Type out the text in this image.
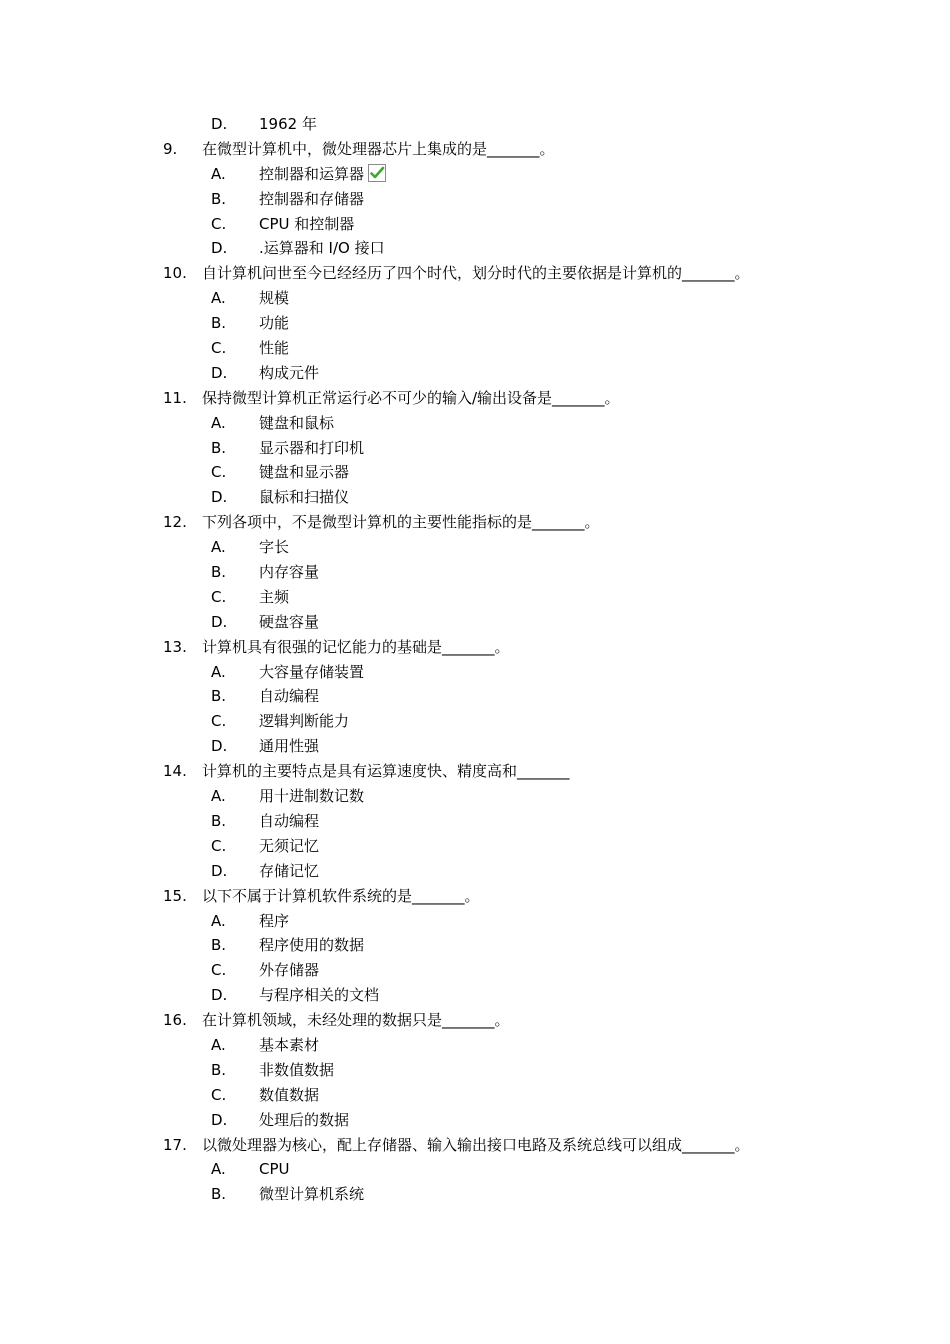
D. 1962 年
9. 在微型计算机中，微处理器芯片上集成的是_______。
A. 控制器和运算器
B. 控制器和存储器
C. CPU 和控制器
D. .运算器和 I/O 接口
10. 自计算机问世至今已经经历了四个时代，划分时代的主要依据是计算机的_______。
A. 规模
B. 功能
C. 性能
D. 构成元件
11. 保持微型计算机正常运行必不可少的输入/输出设备是_______。
A. 键盘和鼠标
B. 显示器和打印机
C. 键盘和显示器
D. 鼠标和扫描仪
12. 下列各项中，不是微型计算机的主要性能指标的是_______。
A. 字长
B. 内存容量
C. 主频
D. 硬盘容量
13. 计算机具有很强的记忆能力的基础是_______。
A. 大容量存储装置
B. 自动编程
C. 逻辑判断能力
D. 通用性强
14. 计算机的主要特点是具有运算速度快、精度高和_______
A. 用十进制数记数
B. 自动编程
C. 无须记忆
D. 存储记忆
15. 以下不属于计算机软件系统的是_______。
A. 程序
B. 程序使用的数据
C. 外存储器
D. 与程序相关的文档
16. 在计算机领域，未经处理的数据只是_______。
A. 基本素材
B. 非数值数据
C. 数值数据
D. 处理后的数据
17. 以微处理器为核心，配上存储器、输入输出接口电路及系统总线可以组成_______。
A. CPU
B. 微型计算机系统
